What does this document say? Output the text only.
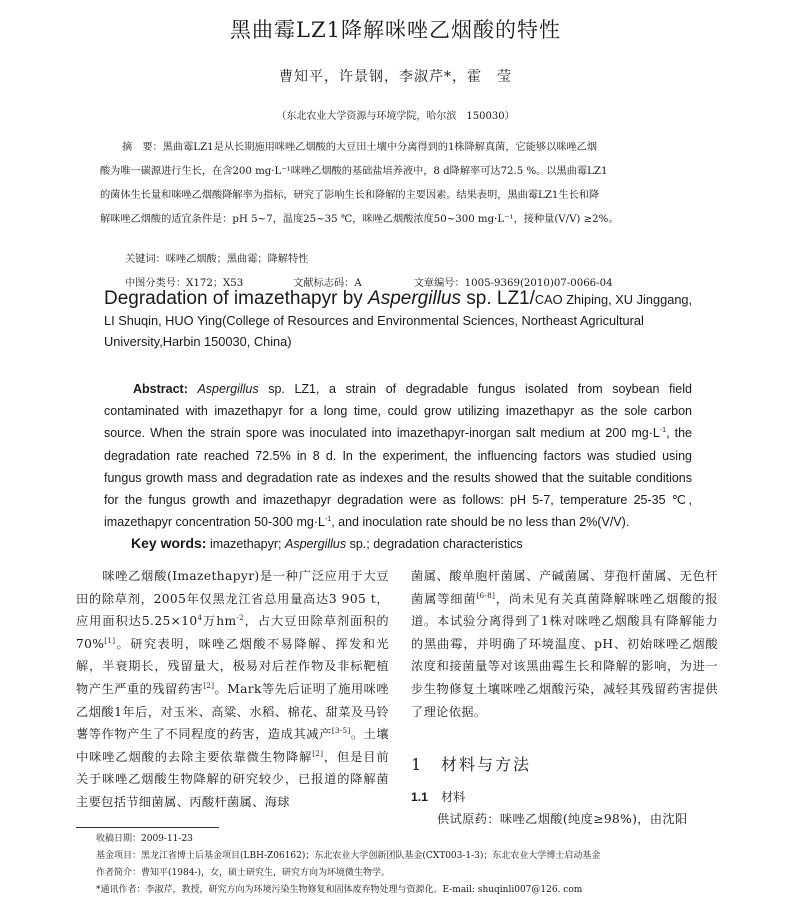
黑曲霉LZ1降解咪唑乙烟酸的特性
曹知平，许景钢，李淑芹*，霍　莹
（东北农业大学资源与环境学院，哈尔滨　150030）
摘　要：黑曲霉LZ1是从长期施用咪唑乙烟酸的大豆田土壤中分离得到的1株降解真菌，它能够以咪唑乙烟
酸为唯一碳源进行生长，在含200 mg·L⁻¹咪唑乙烟酸的基础盐培养液中，8 d降解率可达72.5 %。以黑曲霉LZ1
的菌体生长量和咪唑乙烟酸降解率为指标，研究了影响生长和降解的主要因素。结果表明，黑曲霉LZ1生长和降
解咪唑乙烟酸的适宜条件是：pH 5~7，温度25~35 ℃，咪唑乙烟酸浓度50~300 mg·L⁻¹，接种量(V/V) ≥2%。
关键词：咪唑乙烟酸；黑曲霉；降解特性
中图分类号：X172；X53	文献标志码：A	文章编号：1005-9369(2010)07-0066-04
Degradation of imazethapyr by Aspergillus sp. LZ1/CAO Zhiping, XU Jinggang,
LI Shuqin, HUO Ying(College of Resources and Environmental Sciences, Northeast Agricultural
University,Harbin 150030, China)
Abstract: Aspergillus sp. LZ1, a strain of degradable fungus isolated from soybean field contaminated with imazethapyr for a long time, could grow utilizing imazethapyr as the sole carbon source. When the strain spore was inoculated into imazethapyr-inorgan salt medium at 200 $mg\cdot L^{-1}$, the degradation rate reached 72.5% in 8 d. In the experiment, the influencing factors was studied using fungus growth mass and degradation rate as indexes and the results showed that the suitable conditions for the fungus growth and imazethapyr degradation were as follows: pH 5-7, temperature 25-35 ℃, imazethapyr concentration 50-300 $mg\cdot L^{-1}$, and inoculation rate should be no less than 2%(V/V).
Key words: imazethapyr; Aspergillus sp.; degradation characteristics

咪唑乙烟酸(Imazethapyr)是一种广泛应用于大豆田的除草剂，2005年仅黑龙江省总用量高达3 905 t，应用面积达$5.25\times 10^4$万$hm^{-2}$，占大豆田除草剂面积的70%[1]。研究表明，咪唑乙烟酸不易降解、挥发和光解，半衰期长，残留量大，极易对后茬作物及非标靶植物产生严重的残留药害[2]。Mark等先后证明了施用咪唑乙烟酸1年后，对玉米、高粱、水稻、棉花、甜菜及马铃薯等作物产生了不同程度的药害，造成其减产[3-5]。土壤中咪唑乙烟酸的去除主要依靠微生物降解[2]，但是目前关于咪唑乙烟酸生物降解的研究较少，已报道的降解菌主要包括节细菌属、丙酸杆菌属、海球

菌属、酸单胞杆菌属、产碱菌属、芽孢杆菌属、无色杆菌属等细菌[6-8]，尚未见有关真菌降解咪唑乙烟酸的报道。本试验分离得到了1株对咪唑乙烟酸具有降解能力的黑曲霉，并明确了环境温度、pH、初始咪唑乙烟酸浓度和接菌量等对该黑曲霉生长和降解的影响，为进一步生物修复土壤咪唑乙烟酸污染，减轻其残留药害提供了理论依据。

1 材料与方法
1.1 材料
供试原药：咪唑乙烟酸(纯度≥98%)，由沈阳
收稿日期：2009-11-23
基金项目：黑龙江省博士后基金项目(LBH-Z06162)；东北农业大学创新团队基金(CXT003-1-3)；东北农业大学博士启动基金
作者简介：曹知平(1984-)，女，硕士研究生，研究方向为环境微生物学。
*通讯作者：李淑芹，教授，研究方向为环境污染生物修复和固体废弃物处理与资源化。E-mail: shuqinli007@126. com
